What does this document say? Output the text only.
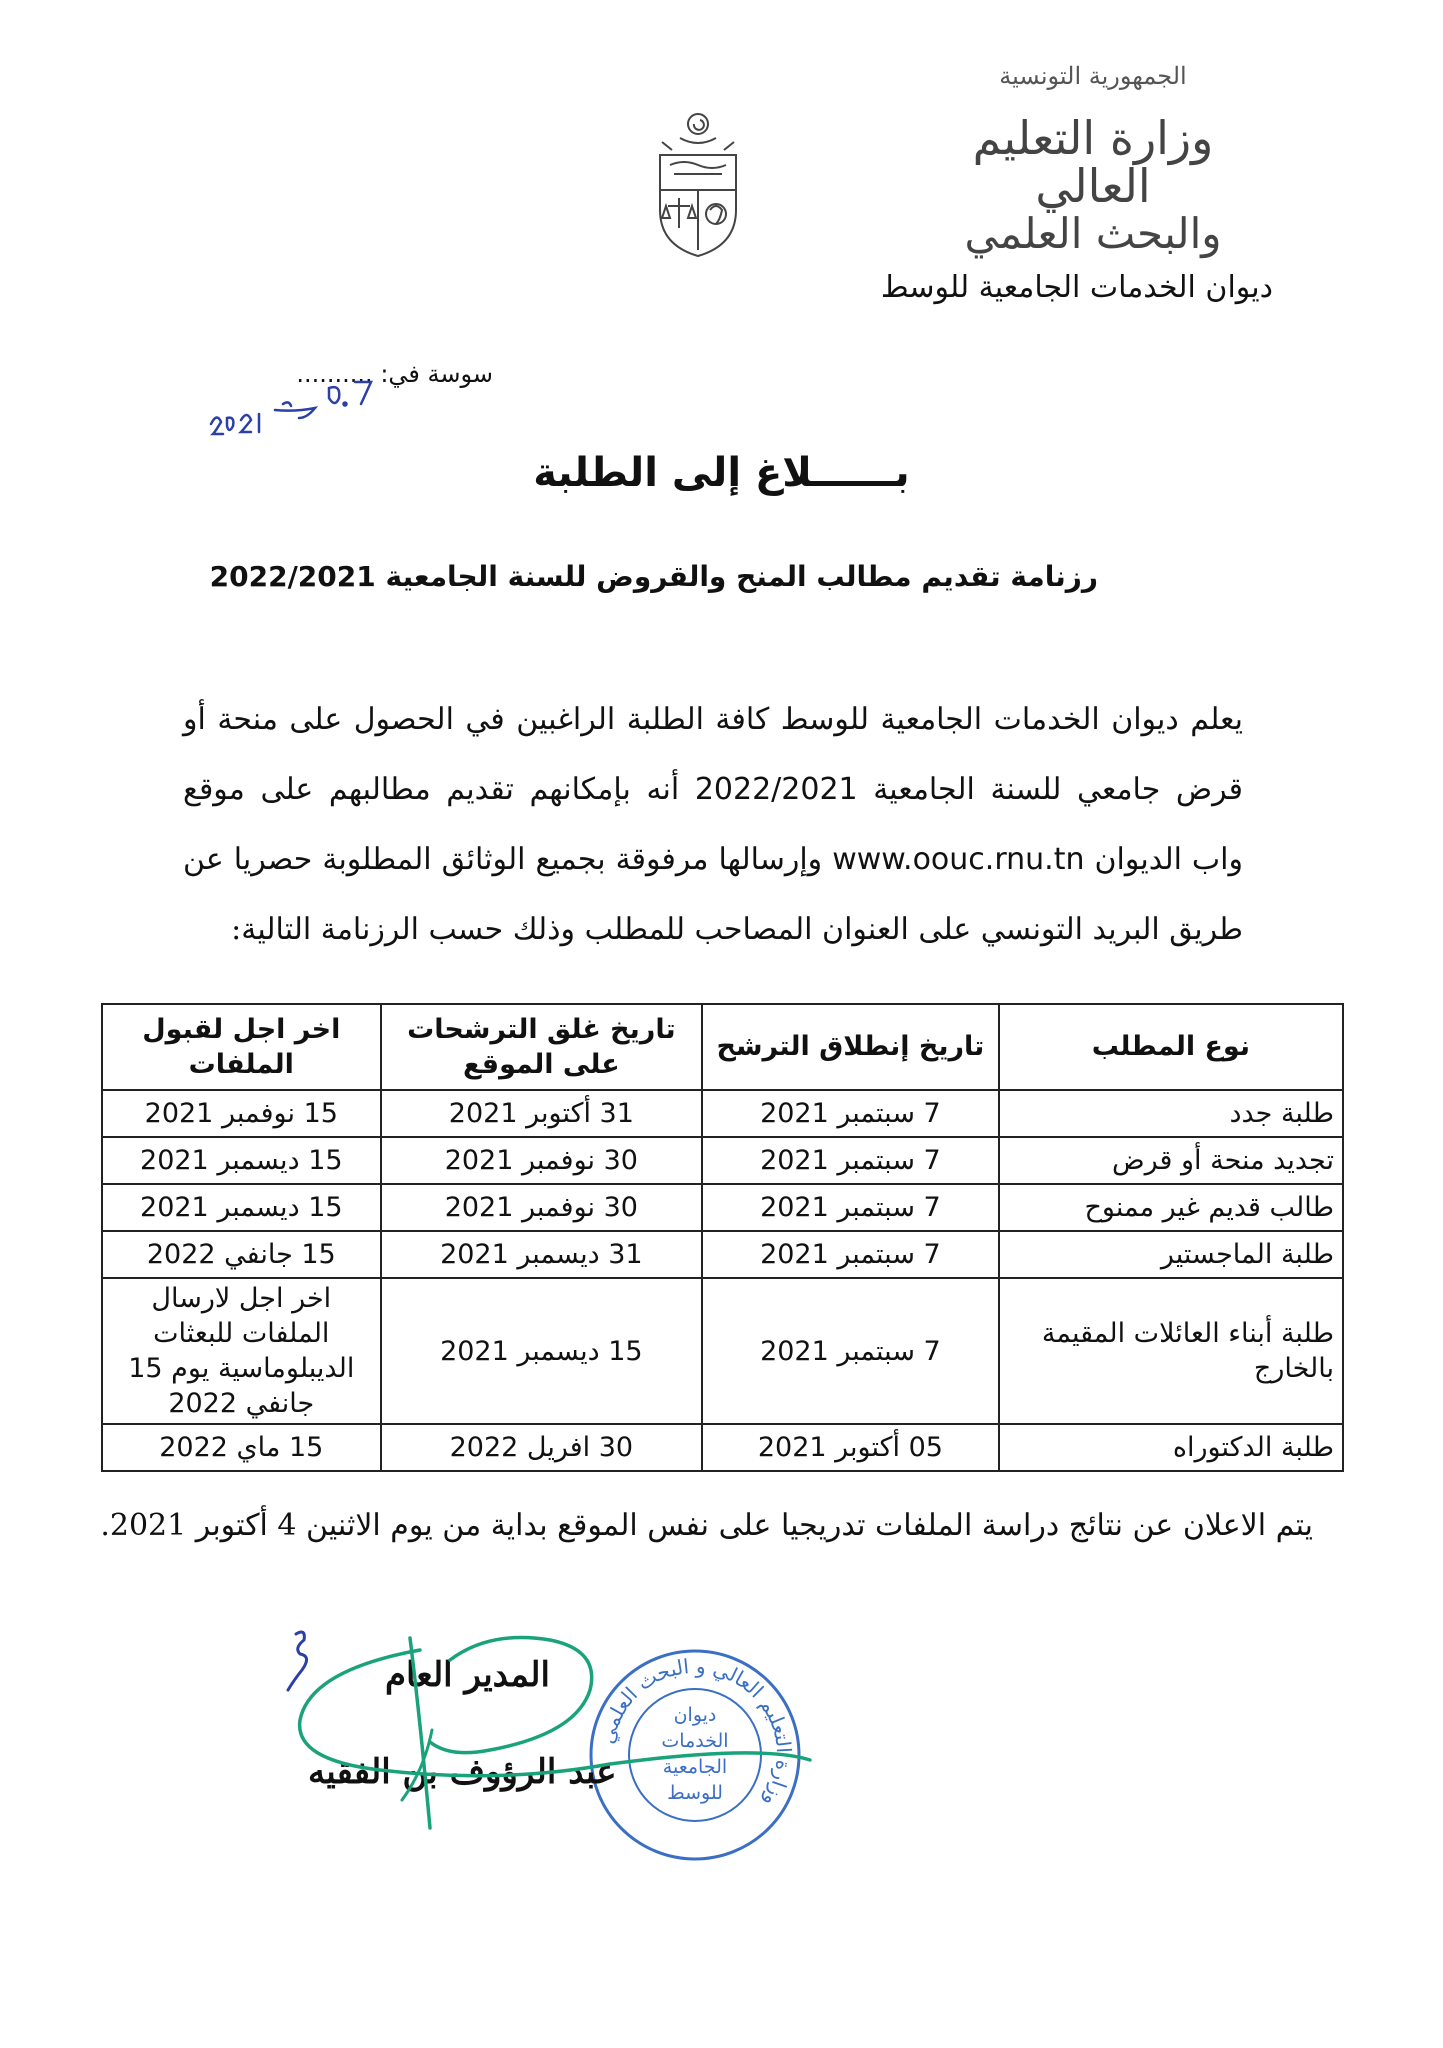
الجمهورية التونسية
وزارة التعليم العالي
والبحث العلمي
ديوان الخدمات الجامعية للوسط
سوسة في: ..........
بــــــلاغ إلى الطلبة
رزنامة تقديم مطالب المنح والقروض للسنة الجامعية 2022/2021
يعلم ديوان الخدمات الجامعية للوسط كافة الطلبة الراغبين في الحصول على منحة أو قرض جامعي للسنة الجامعية 2022/2021 أنه بإمكانهم تقديم مطالبهم على موقع واب الديوان www.oouc.rnu.tn وإرسالها مرفوقة بجميع الوثائق المطلوبة حصريا عن طريق البريد التونسي على العنوان المصاحب للمطلب وذلك حسب الرزنامة التالية:
نوع المطلب	تاريخ إنطلاق الترشح	تاريخ غلق الترشحات على الموقع	اخر اجل لقبول الملفات
طلبة جدد	7 سبتمبر 2021	31 أكتوبر 2021	15 نوفمبر 2021
تجديد منحة أو قرض	7 سبتمبر 2021	30 نوفمبر 2021	15 ديسمبر 2021
طالب قديم غير ممنوح	7 سبتمبر 2021	30 نوفمبر 2021	15 ديسمبر 2021
طلبة الماجستير	7 سبتمبر 2021	31 ديسمبر 2021	15 جانفي 2022
طلبة أبناء العائلات المقيمة بالخارج	7 سبتمبر 2021	15 ديسمبر 2021	اخر اجل لارسال الملفات للبعثات الديبلوماسية يوم 15 جانفي 2022
طلبة الدكتوراه	05 أكتوبر 2021	30 افريل 2022	15 ماي 2022
يتم الاعلان عن نتائج دراسة الملفات تدريجيا على نفس الموقع بداية من يوم الاثنين 4 أكتوبر 2021.
وزارة التعليم العالي و البحث العلمي
ديوان
الخدمات
الجامعية
للوسط
المدير العام
عبد الرؤوف بن الفقيه
